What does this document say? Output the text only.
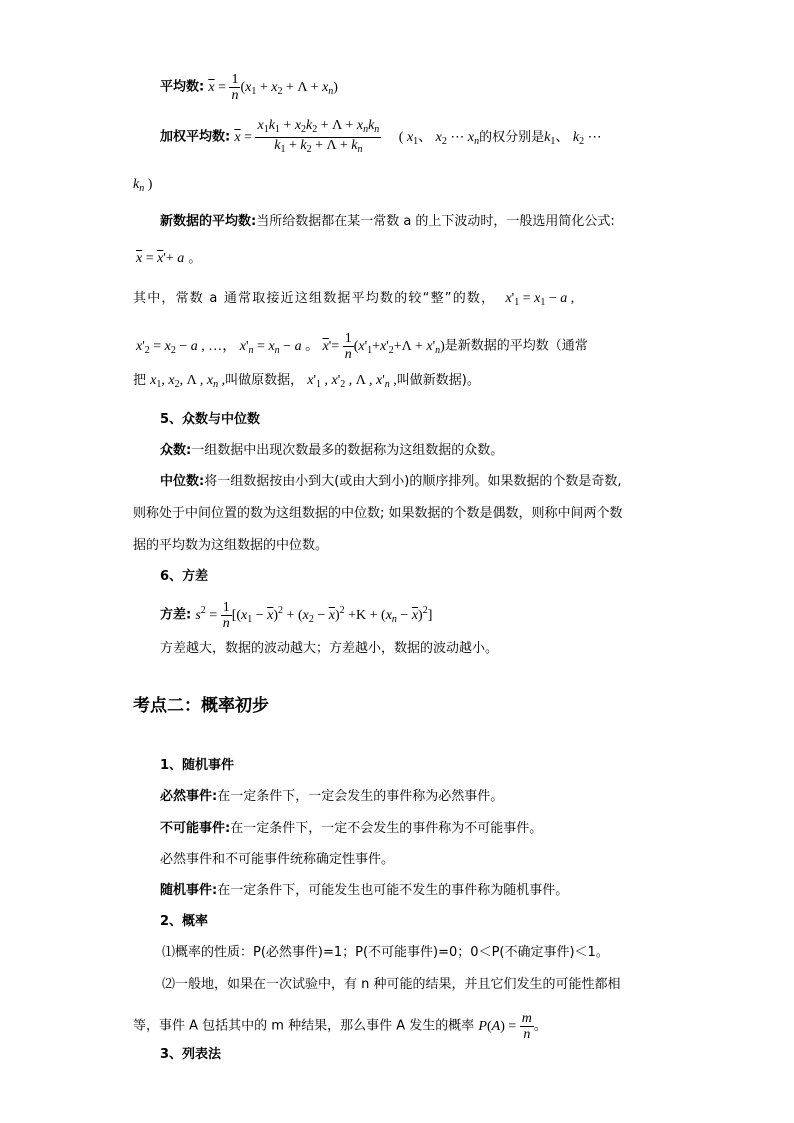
平均数: $\overline{x} = \frac{1}{n} (x_1 + x_2 + \Lambda + x_n)$
加权平均数: $\overline{x} = \frac{x_1k_1 + x_2k_2 + \Lambda + x_nk_n}{k_1 + k_2 + \Lambda + k_n}$ ( $x_1$、 $x_2$ ⋯ $x_n$的权分别是$k_1$、 $k_2$ ⋯
$k_n$ )
新数据的平均数:当所给数据都在某一常数 a 的上下波动时，一般选用简化公式:
$\overline{x} = \overline{x}'+ a$ 。
其中，常数 a 通常取接近这组数据平均数的较“整”的数， $x'_1 = x_1 - a$ ,
$x'_2 = x_2 - a$ , …， $x'_n = x_n - a$ 。 $\overline{x}'= \frac{1}{n} (x'_1+x'_2+\Lambda + x'_n)$是新数据的平均数（通常
把 $x_1$, $x_2$, Λ , $x_n$ ,叫做原数据， $x'_1$ , $x'_2$ , Λ , $x'_n$ ,叫做新数据)。
5、众数与中位数
众数:一组数据中出现次数最多的数据称为这组数据的众数。
中位数:将一组数据按由小到大(或由大到小)的顺序排列。如果数据的个数是奇数,
则称处于中间位置的数为这组数据的中位数; 如果数据的个数是偶数，则称中间两个数
据的平均数为这组数据的中位数。
6、方差
方差: $s^2 = \frac{1}{n} [(x_1 - \overline{x})^2 + (x_2 - \overline{x})^2 +K + (x_n - \overline{x})^2]$
方差越大，数据的波动越大；方差越小，数据的波动越小。
考点二：概率初步
1、随机事件
必然事件:在一定条件下，一定会发生的事件称为必然事件。
不可能事件:在一定条件下，一定不会发生的事件称为不可能事件。
必然事件和不可能事件统称确定性事件。
随机事件:在一定条件下，可能发生也可能不发生的事件称为随机事件。
2、概率
⑴概率的性质：P(必然事件)=1；P(不可能事件)=0；0＜P(不确定事件)＜1。
⑵一般地，如果在一次试验中，有 n 种可能的结果，并且它们发生的可能性都相
等，事件 A 包括其中的 m 种结果，那么事件 A 发生的概率 $P(A) = \frac{m}{n}$ 。
3、列表法
